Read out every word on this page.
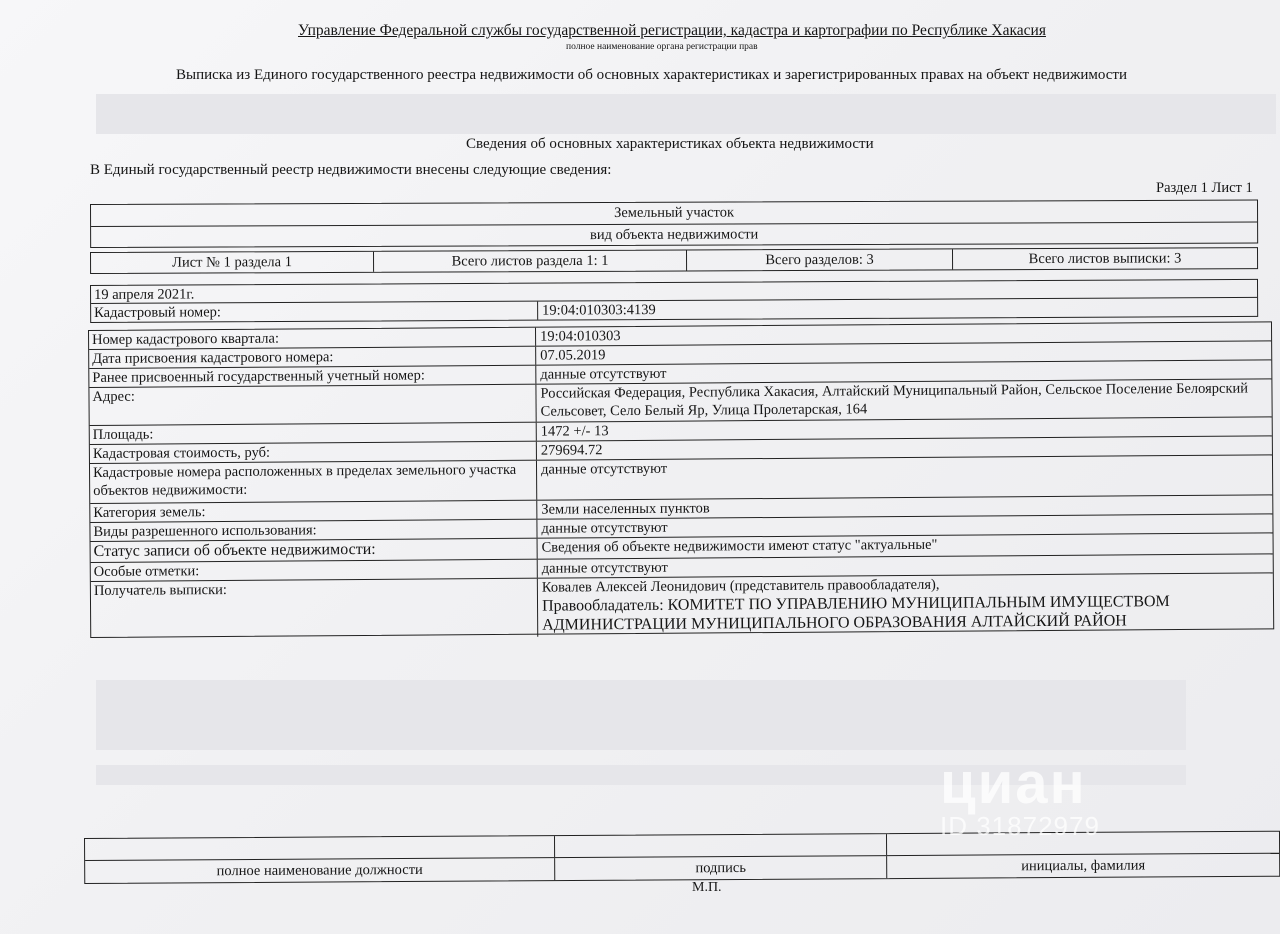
Управление Федеральной службы государственной регистрации, кадастра и картографии по Республике Хакасия
полное наименование органа регистрации прав
Выписка из Единого государственного реестра недвижимости об основных характеристиках и зарегистрированных правах на объект недвижимости
Сведения об основных характеристиках объекта недвижимости
В Единый государственный реестр недвижимости внесены следующие сведения:
Раздел 1 Лист 1
Земельный участок
вид объекта недвижимости
Лист № 1 раздела 1	Всего листов раздела 1: 1	Всего разделов: 3	Всего листов выписки: 3
19 апреля 2021г.
Кадастровый номер:	19:04:010303:4139
Номер кадастрового квартала:	19:04:010303
Дата присвоения кадастрового номера:	07.05.2019
Ранее присвоенный государственный учетный номер:	данные отсутствуют
Адрес:	Российская Федерация, Республика Хакасия, Алтайский Муниципальный Район, Сельское Поселение Белоярский Сельсовет, Село Белый Яр, Улица Пролетарская, 164
Площадь:	1472 +/- 13
Кадастровая стоимость, руб:	279694.72
Кадастровые номера расположенных в пределах земельного участка объектов недвижимости:
данные отсутствуют
Категория земель:	Земли населенных пунктов
Виды разрешенного использования:	данные отсутствуют
Статус записи об объекте недвижимости:	Сведения об объекте недвижимости имеют статус "актуальные"
Особые отметки:	данные отсутствуют
Получатель выписки:	Ковалев Алексей Леонидович (представитель правообладателя),
Правообладатель: КОМИТЕТ ПО УПРАВЛЕНИЮ МУНИЦИПАЛЬНЫМ ИМУЩЕСТВОМ
АДМИНИСТРАЦИИ МУНИЦИПАЛЬНОГО ОБРАЗОВАНИЯ АЛТАЙСКИЙ РАЙОН
полное наименование должности	подпись	инициалы, фамилия
М.П.
циан
ID 31872979
